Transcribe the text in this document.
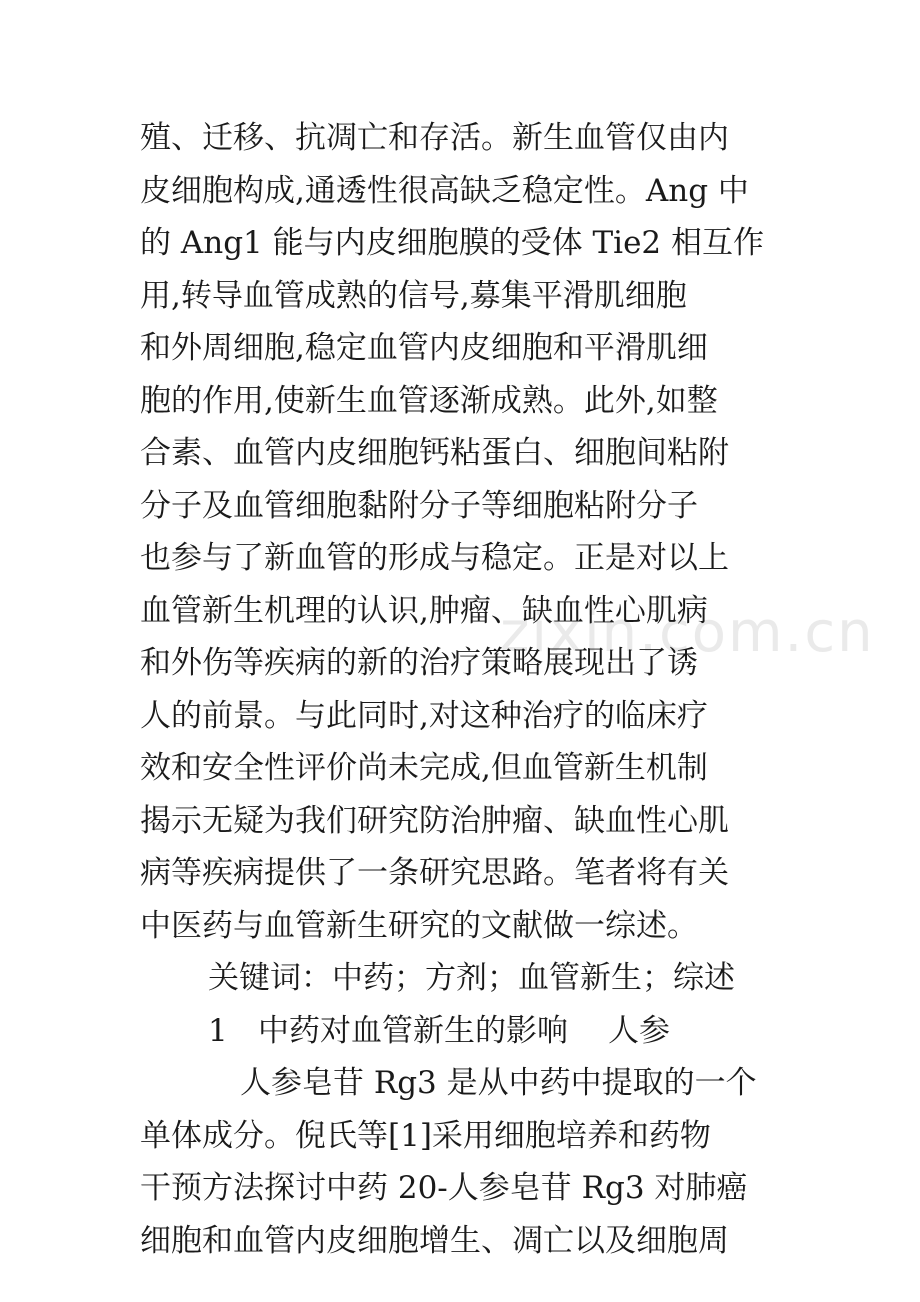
zixin.com.cn
殖、迁移、抗凋亡和存活。新生血管仅由内
皮细胞构成,通透性很高缺乏稳定性。Ang 中
的 Ang1 能与内皮细胞膜的受体 Tie2 相互作
用,转导血管成熟的信号,募集平滑肌细胞
和外周细胞,稳定血管内皮细胞和平滑肌细
胞的作用,使新生血管逐渐成熟。此外,如整
合素、血管内皮细胞钙粘蛋白、细胞间粘附
分子及血管细胞黏附分子等细胞粘附分子
也参与了新血管的形成与稳定。正是对以上
血管新生机理的认识,肿瘤、缺血性心肌病
和外伤等疾病的新的治疗策略展现出了诱
人的前景。与此同时,对这种治疗的临床疗
效和安全性评价尚未完成,但血管新生机制
揭示无疑为我们研究防治肿瘤、缺血性心肌
病等疾病提供了一条研究思路。笔者将有关
中医药与血管新生研究的文献做一综述。
关键词：中药；方剂；血管新生；综述
1 中药对血管新生的影响 人参
人参皂苷 Rg3 是从中药中提取的一个
单体成分。倪氏等[1]采用细胞培养和药物
干预方法探讨中药 20-人参皂苷 Rg3 对肺癌
细胞和血管内皮细胞增生、凋亡以及细胞周
